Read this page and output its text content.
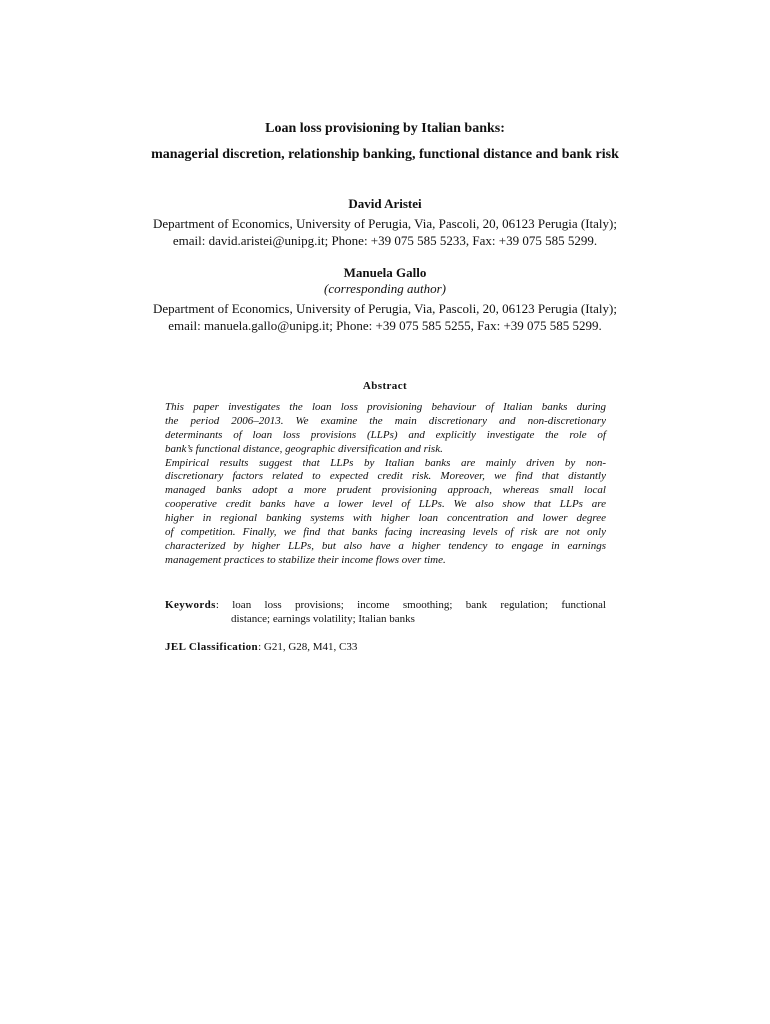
Loan loss provisioning by Italian banks:
managerial discretion, relationship banking, functional distance and bank risk
David Aristei
Department of Economics, University of Perugia, Via, Pascoli, 20, 06123 Perugia (Italy);
email: david.aristei@unipg.it; Phone: +39 075 585 5233, Fax: +39 075 585 5299.
Manuela Gallo
(corresponding author)
Department of Economics, University of Perugia, Via, Pascoli, 20, 06123 Perugia (Italy);
email: manuela.gallo@unipg.it; Phone: +39 075 585 5255, Fax: +39 075 585 5299.
Abstract
This paper investigates the loan loss provisioning behaviour of Italian banks during
the period 2006–2013. We examine the main discretionary and non-discretionary
determinants of loan loss provisions (LLPs) and explicitly investigate the role of
bank’s functional distance, geographic diversification and risk.
Empirical results suggest that LLPs by Italian banks are mainly driven by non-
discretionary factors related to expected credit risk. Moreover, we find that distantly
managed banks adopt a more prudent provisioning approach, whereas small local
cooperative credit banks have a lower level of LLPs. We also show that LLPs are
higher in regional banking systems with higher loan concentration and lower degree
of competition. Finally, we find that banks facing increasing levels of risk are not only
characterized by higher LLPs, but also have a higher tendency to engage in earnings
management practices to stabilize their income flows over time.
Keywords: loan loss provisions; income smoothing; bank regulation; functional
distance; earnings volatility; Italian banks
JEL Classification: G21, G28, M41, C33
